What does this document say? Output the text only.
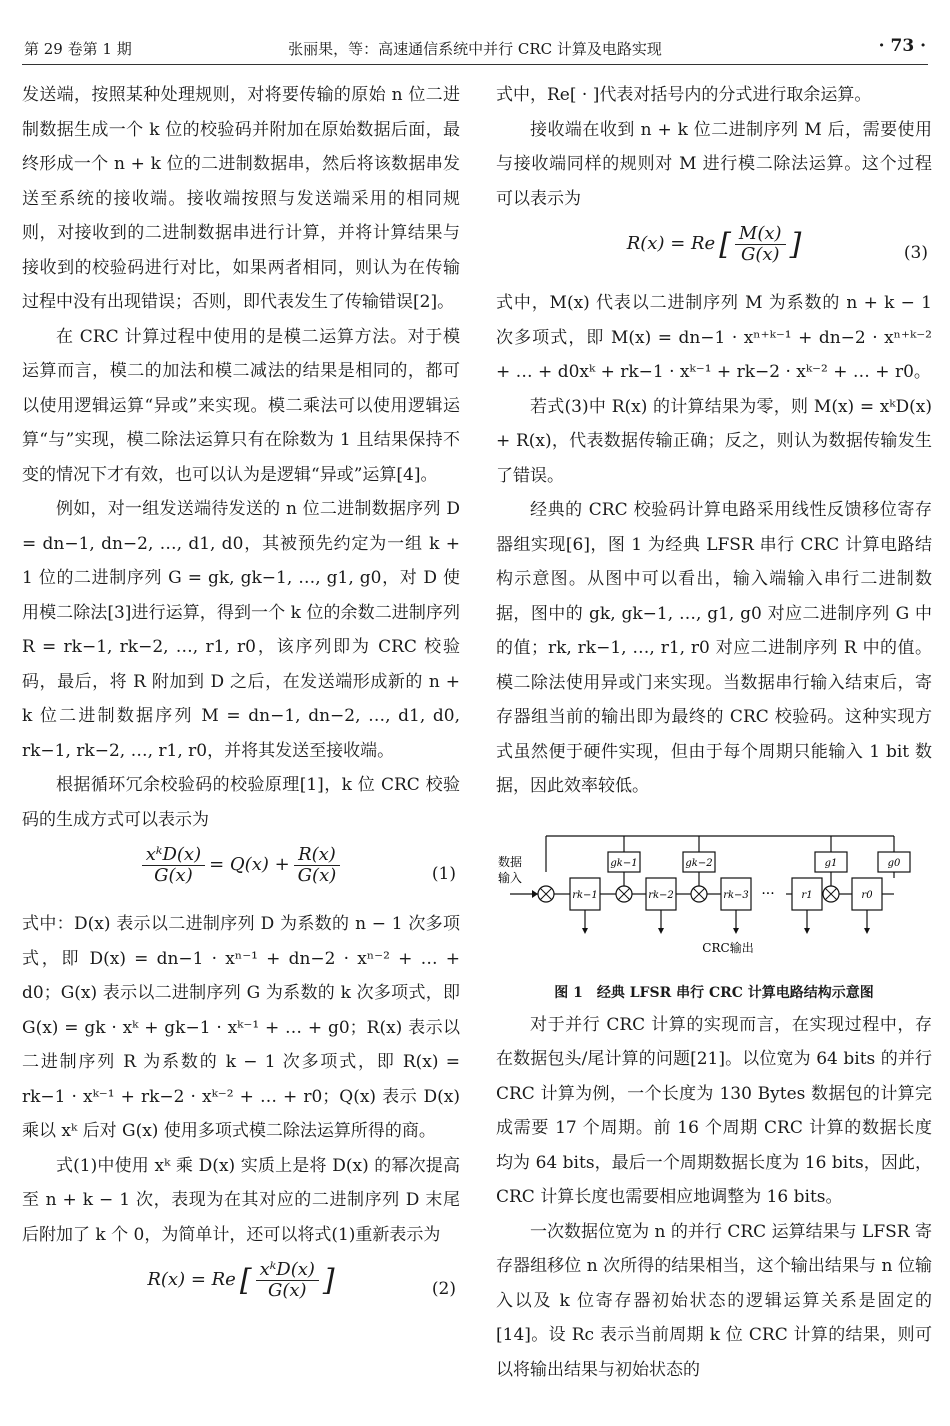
第 29 卷第 1 期	张丽果，等：高速通信系统中并行 CRC 计算及电路实现	· 73 ·

发送端，按照某种处理规则，对将要传输的原始 n 位二进制数据生成一个 k 位的校验码并附加在原始数据后面，最终形成一个 n + k 位的二进制数据串，然后将该数据串发送至系统的接收端。接收端按照与发送端采用的相同规则，对接收到的二进制数据串进行计算，并将计算结果与接收到的校验码进行对比，如果两者相同，则认为在传输过程中没有出现错误；否则，即代表发生了传输错误[2]。

在 CRC 计算过程中使用的是模二运算方法。对于模运算而言，模二的加法和模二减法的结果是相同的，都可以使用逻辑运算“异或”来实现。模二乘法可以使用逻辑运算“与”实现，模二除法运算只有在除数为 1 且结果保持不变的情况下才有效，也可以认为是逻辑“异或”运算[4]。

例如，对一组发送端待发送的 n 位二进制数据序列 D = dn−1, dn−2, …, d1, d0，其被预先约定为一组 k + 1 位的二进制序列 G = gk, gk−1, …, g1, g0，对 D 使用模二除法[3]进行运算，得到一个 k 位的余数二进制序列 R = rk−1, rk−2, …, r1, r0，该序列即为 CRC 校验码，最后，将 R 附加到 D 之后，在发送端形成新的 n + k 位二进制数据序列 M = dn−1, dn−2, …, d1, d0, rk−1, rk−2, …, r1, r0，并将其发送至接收端。

根据循环冗余校验码的校验原理[1]，k 位 CRC 校验码的生成方式可以表示为

$\frac{\text{xᵏD(x)}}{G(x)} = Q(x) + \frac{R(x)}{G(x)}$	(1)

式中：D(x) 表示以二进制序列 D 为系数的 n − 1 次多项式，即 D(x) = dn−1 · xⁿ⁻¹ + dn−2 · xⁿ⁻² + … + d0；G(x) 表示以二进制序列 G 为系数的 k 次多项式，即 G(x) = gk · xᵏ + gk−1 · xᵏ⁻¹ + … + g0；R(x) 表示以二进制序列 R 为系数的 k − 1 次多项式，即 R(x) = rk−1 · xᵏ⁻¹ + rk−2 · xᵏ⁻² + … + r0；Q(x) 表示 D(x) 乘以 xᵏ 后对 G(x) 使用多项式模二除法运算所得的商。

式(1)中使用 xᵏ 乘 D(x) 实质上是将 D(x) 的幂次提高至 n + k − 1 次，表现为在其对应的二进制序列 D 末尾后附加了 k 个 0，为简单计，还可以将式(1)重新表示为

R(x) = Re [ $\frac{\text{xᵏD(x)}}{G(x)}$ ]	(2)

式中，Re[ · ]代表对括号内的分式进行取余运算。

接收端在收到 n + k 位二进制序列 M 后，需要使用与接收端同样的规则对 M 进行模二除法运算。这个过程可以表示为

R(x) = Re [ $\frac{M(x)}{G(x)}$ ]	(3)

式中，M(x) 代表以二进制序列 M 为系数的 n + k − 1 次多项式，即 M(x) = dn−1 · xⁿ⁺ᵏ⁻¹ + dn−2 · xⁿ⁺ᵏ⁻² + … + d0xᵏ + rk−1 · xᵏ⁻¹ + rk−2 · xᵏ⁻² + … + r0。

若式(3)中 R(x) 的计算结果为零，则 M(x) = xᵏD(x) + R(x)，代表数据传输正确；反之，则认为数据传输发生了错误。

经典的 CRC 校验码计算电路采用线性反馈移位寄存器组实现[6]，图 1 为经典 LFSR 串行 CRC 计算电路结构示意图。从图中可以看出，输入端输入串行二进制数据，图中的 gk, gk−1, …, g1, g0 对应二进制序列 G 中的值；rk, rk−1, …, r1, r0 对应二进制序列 R 中的值。模二除法使用异或门来实现。当数据串行输入结束后，寄存器组当前的输出即为最终的 CRC 校验码。这种实现方式虽然便于硬件实现，但由于每个周期只能输入 1 bit 数据，因此效率较低。

数据
输入
gk−1	gk−2	g1	g0
rk−1	rk−2	rk−3	r1	r0
···
CRC输出
图 1　经典 LFSR 串行 CRC 计算电路结构示意图

对于并行 CRC 计算的实现而言，在实现过程中，存在数据包头/尾计算的问题[21]。以位宽为 64 bits 的并行 CRC 计算为例，一个长度为 130 Bytes 数据包的计算完成需要 17 个周期。前 16 个周期 CRC 计算的数据长度均为 64 bits，最后一个周期数据长度为 16 bits，因此，CRC 计算长度也需要相应地调整为 16 bits。

一次数据位宽为 n 的并行 CRC 运算结果与 LFSR 寄存器组移位 n 次所得的结果相当，这个输出结果与 n 位输入以及 k 位寄存器初始状态的逻辑运算关系是固定的[14]。设 Rc 表示当前周期 k 位 CRC 计算的结果，则可以将输出结果与初始状态的
